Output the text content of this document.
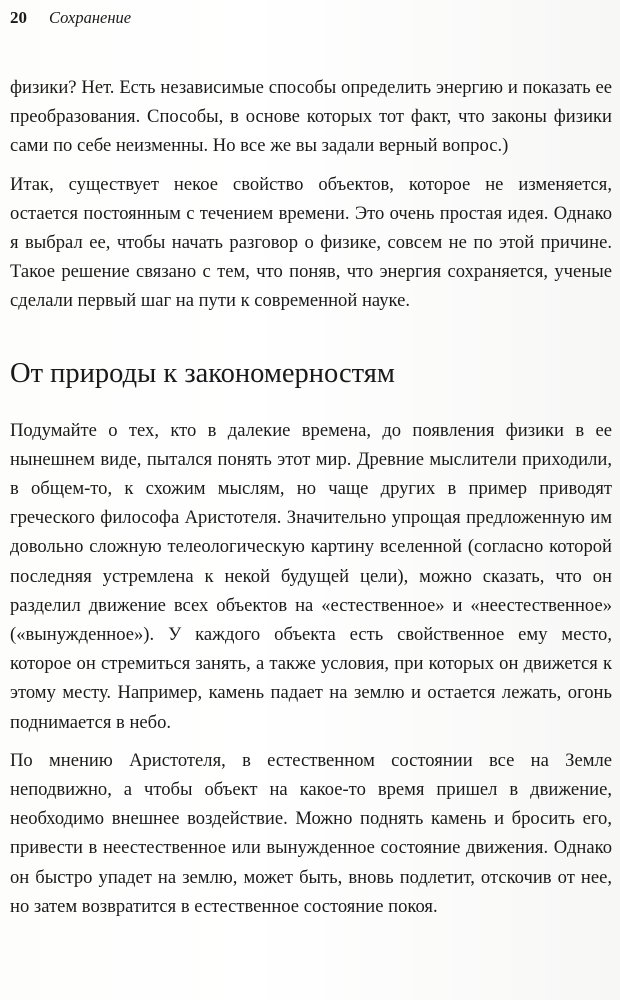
20 Сохранение

физики? Нет. Есть независимые способы определить энергию и показать ее преобразования. Способы, в основе которых тот факт, что законы физики сами по себе неизменны. Но все же вы задали верный вопрос.)

Итак, существует некое свойство объектов, которое не изменяется, остается постоянным с течением времени. Это очень простая идея. Однако я выбрал ее, чтобы начать разговор о физике, совсем не по этой причине. Такое решение связано с тем, что поняв, что энергия сохраняется, ученые сделали первый шаг на пути к современной науке.

От природы к закономерностям

Подумайте о тех, кто в далекие времена, до появления физики в ее нынешнем виде, пытался понять этот мир. Древние мыслители приходили, в общем-то, к схожим мыслям, но чаще других в пример приводят греческого философа Аристотеля. Значительно упрощая предложенную им довольно сложную телеологическую картину вселенной (согласно которой последняя устремлена к некой будущей цели), можно сказать, что он разделил движение всех объектов на «естественное» и «неестественное» («вынужденное»). У каждого объекта есть свойственное ему место, которое он стремиться занять, а также условия, при которых он движется к этому месту. Например, камень падает на землю и остается лежать, огонь поднимается в небо.

По мнению Аристотеля, в естественном состоянии все на Земле неподвижно, а чтобы объект на какое-то время пришел в движение, необходимо внешнее воздействие. Можно поднять камень и бросить его, привести в неестественное или вынужденное состояние движения. Однако он быстро упадет на землю, может быть, вновь подлетит, отскочив от нее, но затем возвратится в естественное состояние покоя.
